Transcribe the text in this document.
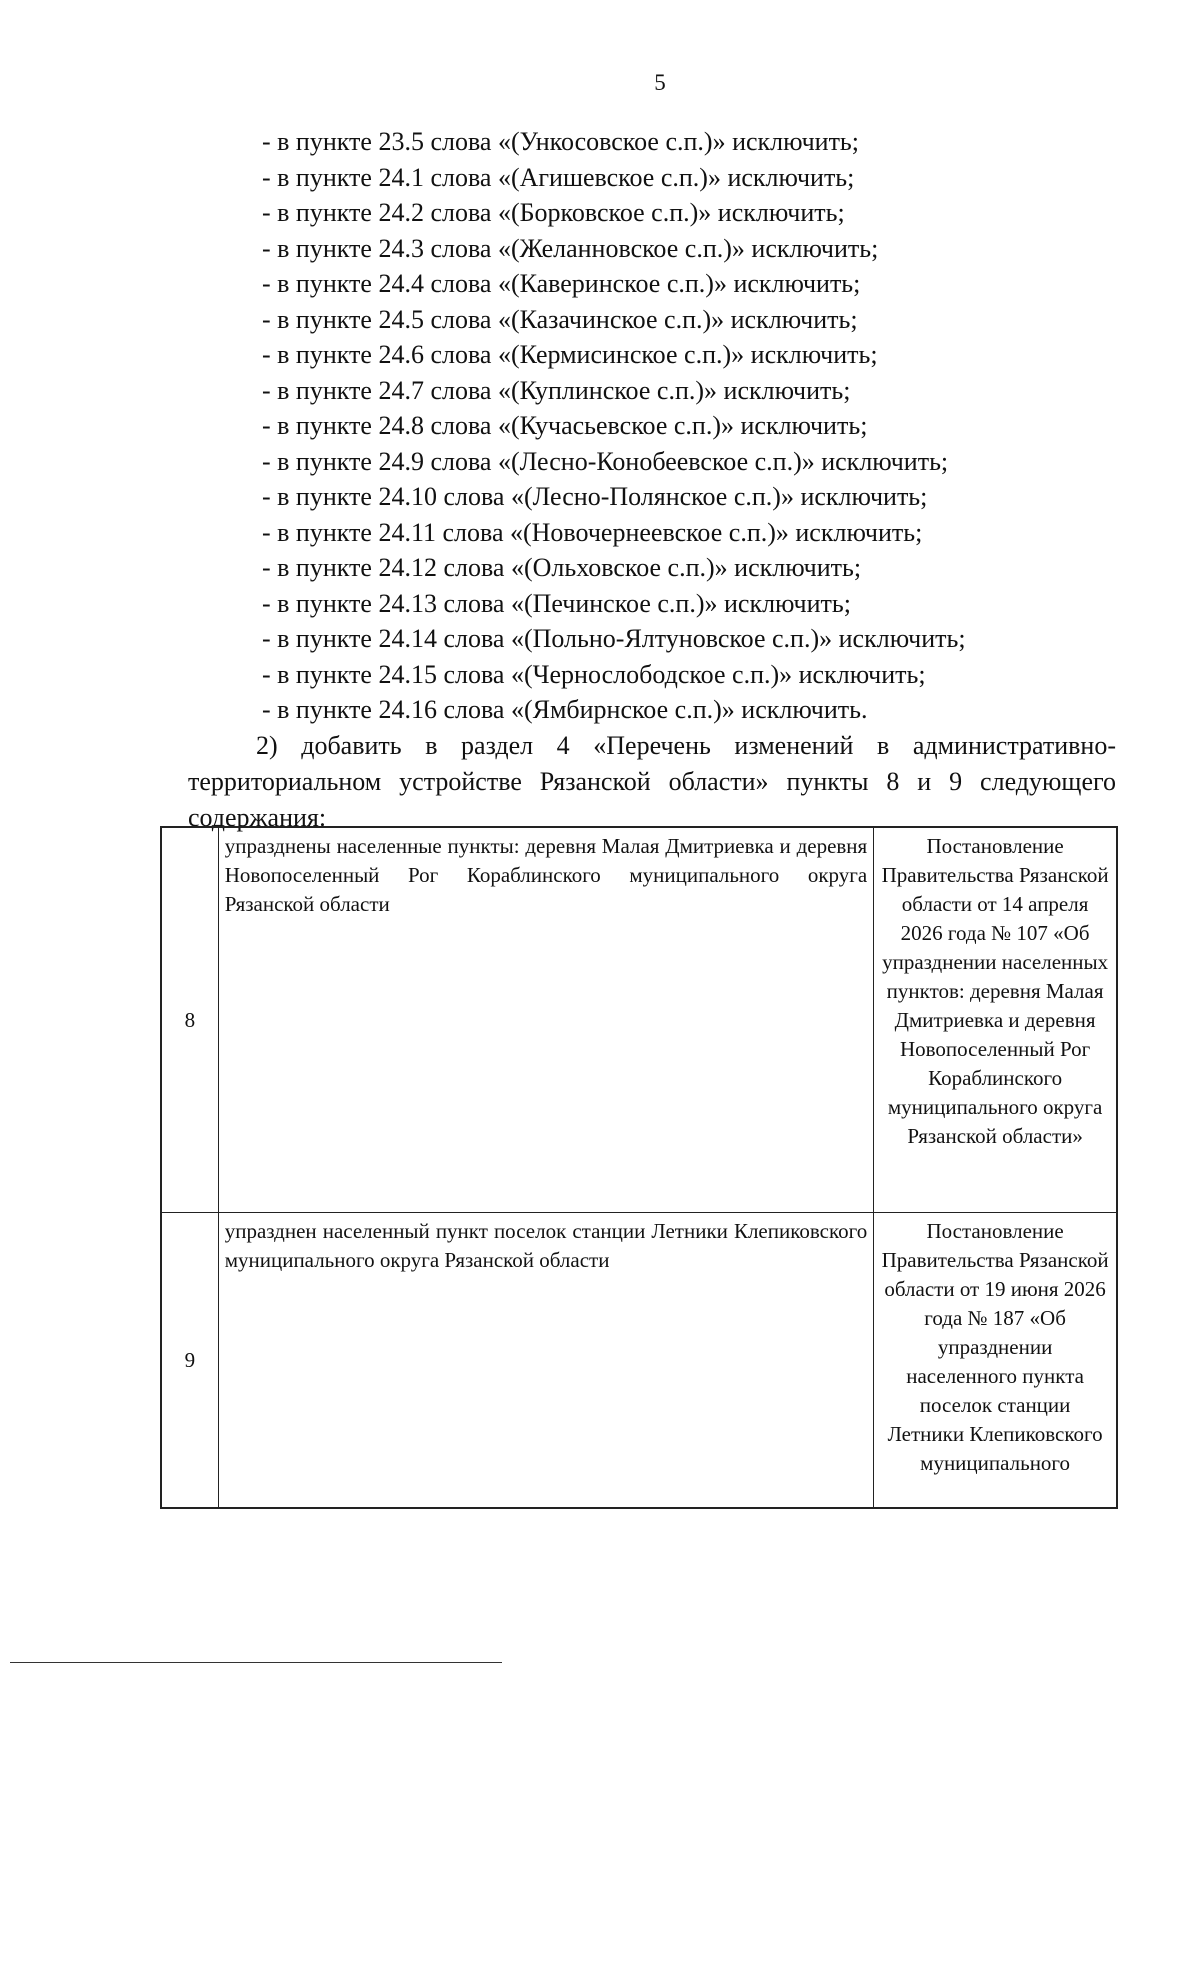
5
- в пункте 23.5 слова «(Ункосовское с.п.)» исключить;
- в пункте 24.1 слова «(Агишевское с.п.)» исключить;
- в пункте 24.2 слова «(Борковское с.п.)» исключить;
- в пункте 24.3 слова «(Желанновское с.п.)» исключить;
- в пункте 24.4 слова «(Каверинское с.п.)» исключить;
- в пункте 24.5 слова «(Казачинское с.п.)» исключить;
- в пункте 24.6 слова «(Кермисинское с.п.)» исключить;
- в пункте 24.7 слова «(Куплинское с.п.)» исключить;
- в пункте 24.8 слова «(Кучасьевское с.п.)» исключить;
- в пункте 24.9 слова «(Лесно-Конобеевское с.п.)» исключить;
- в пункте 24.10 слова «(Лесно-Полянское с.п.)» исключить;
- в пункте 24.11 слова «(Новочернеевское с.п.)» исключить;
- в пункте 24.12 слова «(Ольховское с.п.)» исключить;
- в пункте 24.13 слова «(Печинское с.п.)» исключить;
- в пункте 24.14 слова «(Польно-Ялтуновское с.п.)» исключить;
- в пункте 24.15 слова «(Чернослободское с.п.)» исключить;
- в пункте 24.16 слова «(Ямбирнское с.п.)» исключить.
2) добавить в раздел 4 «Перечень изменений в административно-территориальном устройстве Рязанской области» пункты 8 и 9 следующего содержания:
8	упразднены населенные пункты: деревня Малая Дмитриевка и деревня Новопоселенный Рог Кораблинского муниципального округа Рязанской области	Постановление Правительства Рязанской области от 14 апреля 2026 года № 107 «Об упразднении населенных пунктов: деревня Малая Дмитриевка и деревня Новопоселенный Рог Кораблинского муниципального округа Рязанской области»
9	упразднен населенный пункт поселок станции Летники Клепиковского муниципального округа Рязанской области	Постановление Правительства Рязанской области от 19 июня 2026 года № 187 «Об упразднении населенного пункта поселок станции Летники Клепиковского муниципального
